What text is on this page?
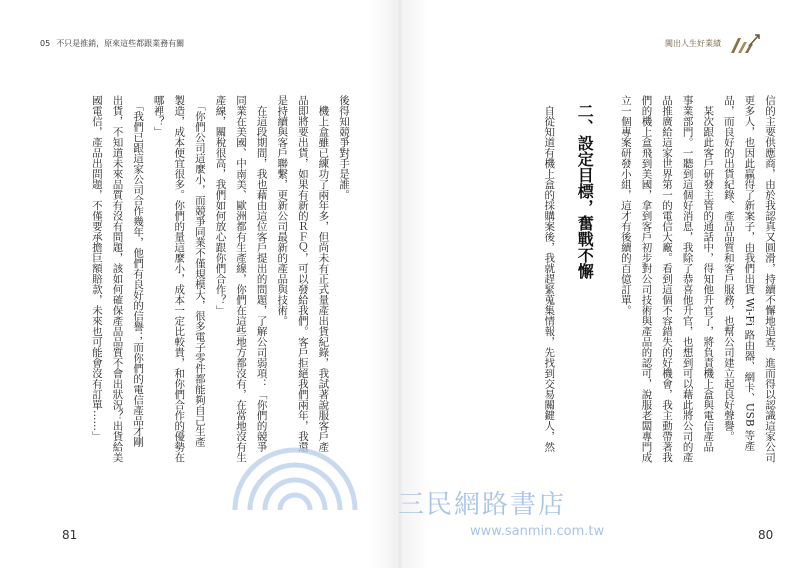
05 不只是推銷，原來這些都跟業務有關	闖出人生好業績
後得知競爭對手是誰。
　機上盒雖已練功了兩年多，但尚未有正式量產出貨紀錄，我試著說服客戶產
品即將要出貨，如果有新的ＲＦＱ，可以發給我們。客戶拒絕我們兩年，我還
是持續與客戶聯繫，更新公司最新的產品與技術。
　在這段期間，我也藉由這位客戶提出的問題，了解公司弱項：「你們的競爭
同業在美國、中南美、歐洲都有生產線，你們在這些地方都沒有，在當地沒有生
產線，關稅很高，我們如何放心跟你們合作？」
　「你們公司這麼小，而競爭同業不僅規模大，很多電子零件都能夠自己生產
製造，成本便宜很多。你們的量這麼小，成本一定比較貴，和你們合作的優勢在
哪裡？」
　「我們已跟這家公司合作幾年，他們有良好的信譽；而你們的電信產品才剛
出貨，不知道未來品質有沒有問題，該如何確保產品品質不會出狀況？出貨給美
國電信，產品出問題，不僅要承擔巨額賠款，未來也可能會沒有訂單……」	信的主要供應商，由於我認真又圓滑，持續不懈地追查，進而得以認識這家公司
更多人，也因此贏得了新案子，由我們出貨 Wi-Fi 路由器、網卡、USB 等產
品，而良好的出貨紀錄、產品品質和客戶服務，也幫公司建立起良好聲譽。
　某次跟此客戶研發主管的通話中，得知他升官了，將負責機上盒與電信產品
事業部門。一聽到這個好消息，我除了恭喜他升官，也想到可以藉此將公司的產
品推廣給這家世界第一的電信大廠。看到這個不容錯失的好機會，我主動帶著我
們的機上盒飛到美國，拿到客戶初步對公司技術與產品的認可，說服老闆專門成
立一個專案研發小組，這才有後續的百億訂單。
二、設定目標，奮戰不懈
　自從知道有機上盒的採購案後，我就趕緊蒐集情報，先找到交易關鍵人，然
81	80
三民網路書店
www.sanmin.com.tw
